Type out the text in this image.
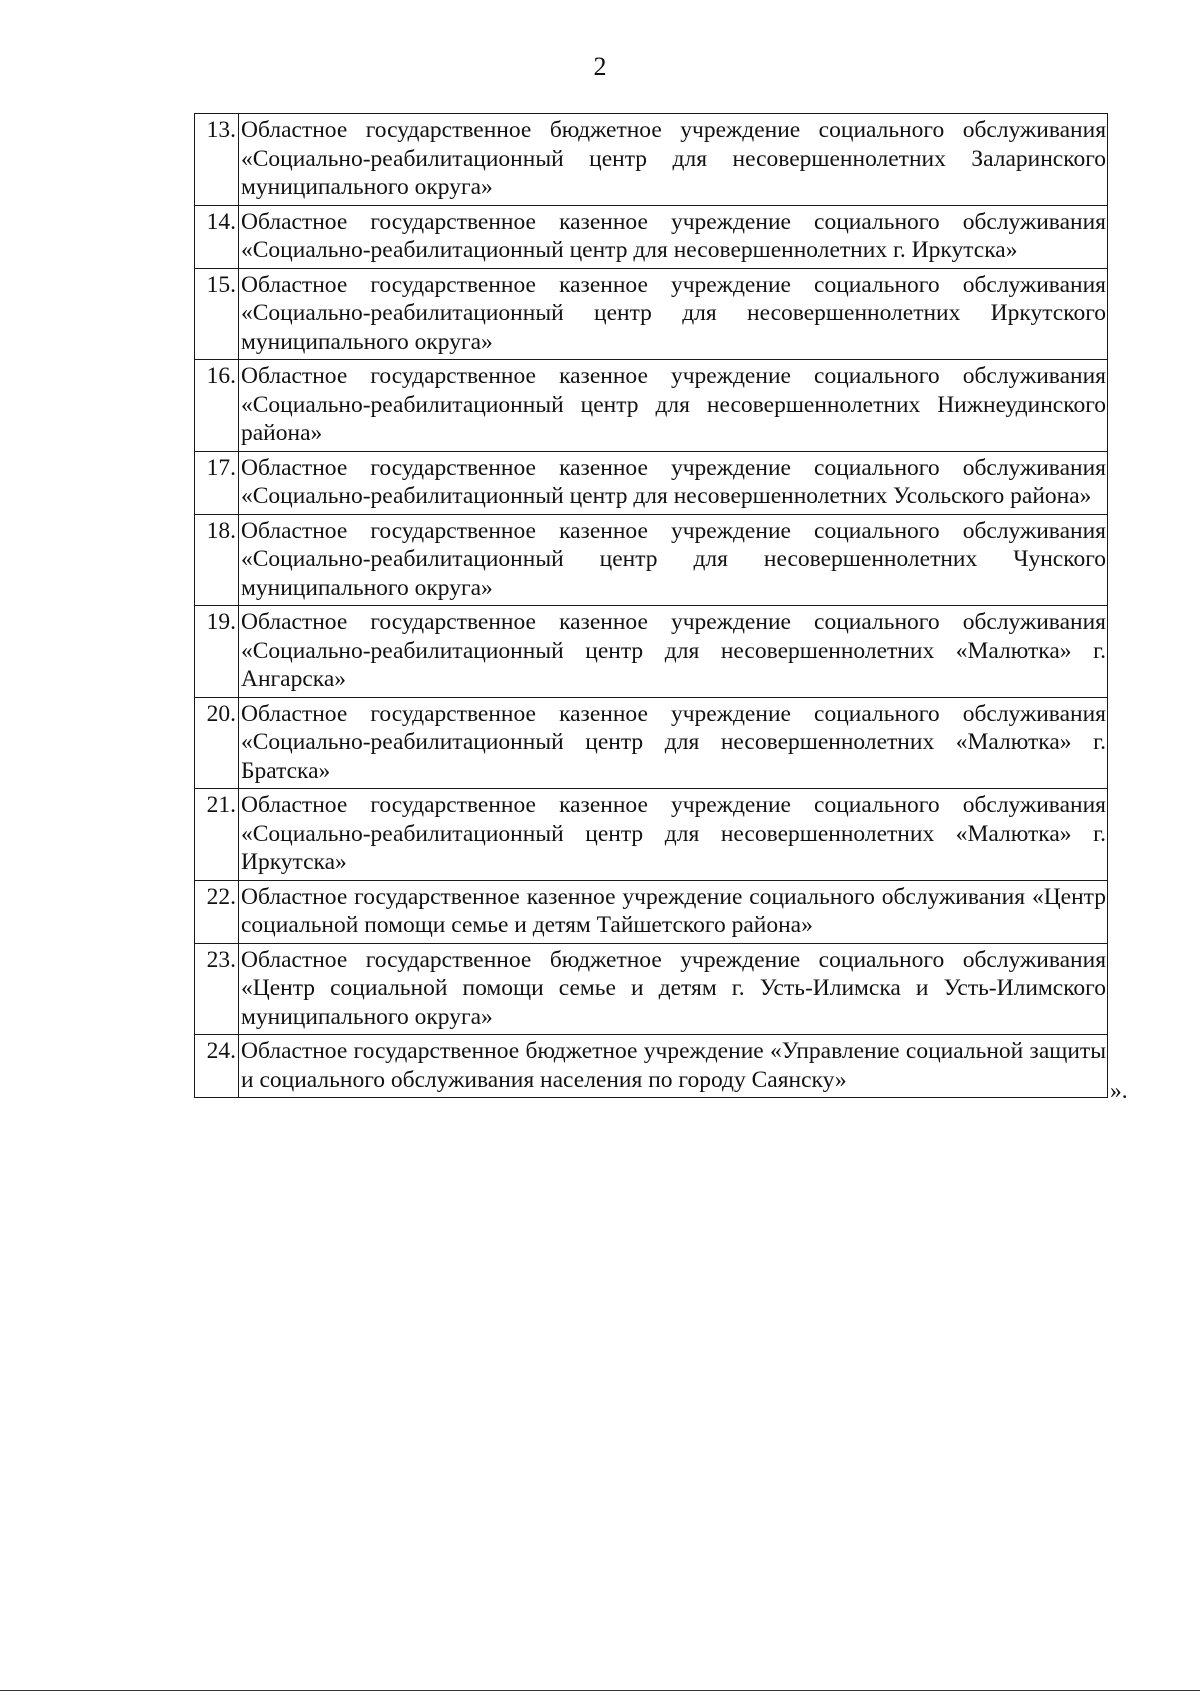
2
13.	Областное государственное бюджетное учреждение социального обслуживания «Социально-реабилитационный центр для несовершеннолетних Заларинского муниципального округа»
14.	Областное государственное казенное учреждение социального обслуживания «Социально-реабилитационный центр для несовершеннолетних г. Иркутска»
15.	Областное государственное казенное учреждение социального обслуживания «Социально-реабилитационный центр для несовершеннолетних Иркутского муниципального округа»
16.	Областное государственное казенное учреждение социального обслуживания «Социально-реабилитационный центр для несовершеннолетних Нижнеудинского района»
17.	Областное государственное казенное учреждение социального обслуживания «Социально-реабилитационный центр для несовершеннолетних Усольского района»
18.	Областное государственное казенное учреждение социального обслуживания «Социально-реабилитационный центр для несовершеннолетних Чунского муниципального округа»
19.	Областное государственное казенное учреждение социального обслуживания «Социально-реабилитационный центр для несовершеннолетних «Малютка» г. Ангарска»
20.	Областное государственное казенное учреждение социального обслуживания «Социально-реабилитационный центр для несовершеннолетних «Малютка» г. Братска»
21.	Областное государственное казенное учреждение социального обслуживания «Социально-реабилитационный центр для несовершеннолетних «Малютка» г. Иркутска»
22.	Областное государственное казенное учреждение социального обслуживания «Центр социальной помощи семье и детям Тайшетского района»
23.	Областное государственное бюджетное учреждение социального обслуживания «Центр социальной помощи семье и детям г. Усть-Илимска и Усть-Илимского муниципального округа»
24.	Областное государственное бюджетное учреждение «Управление социальной защиты и социального обслуживания населения по городу Саянску»	».
